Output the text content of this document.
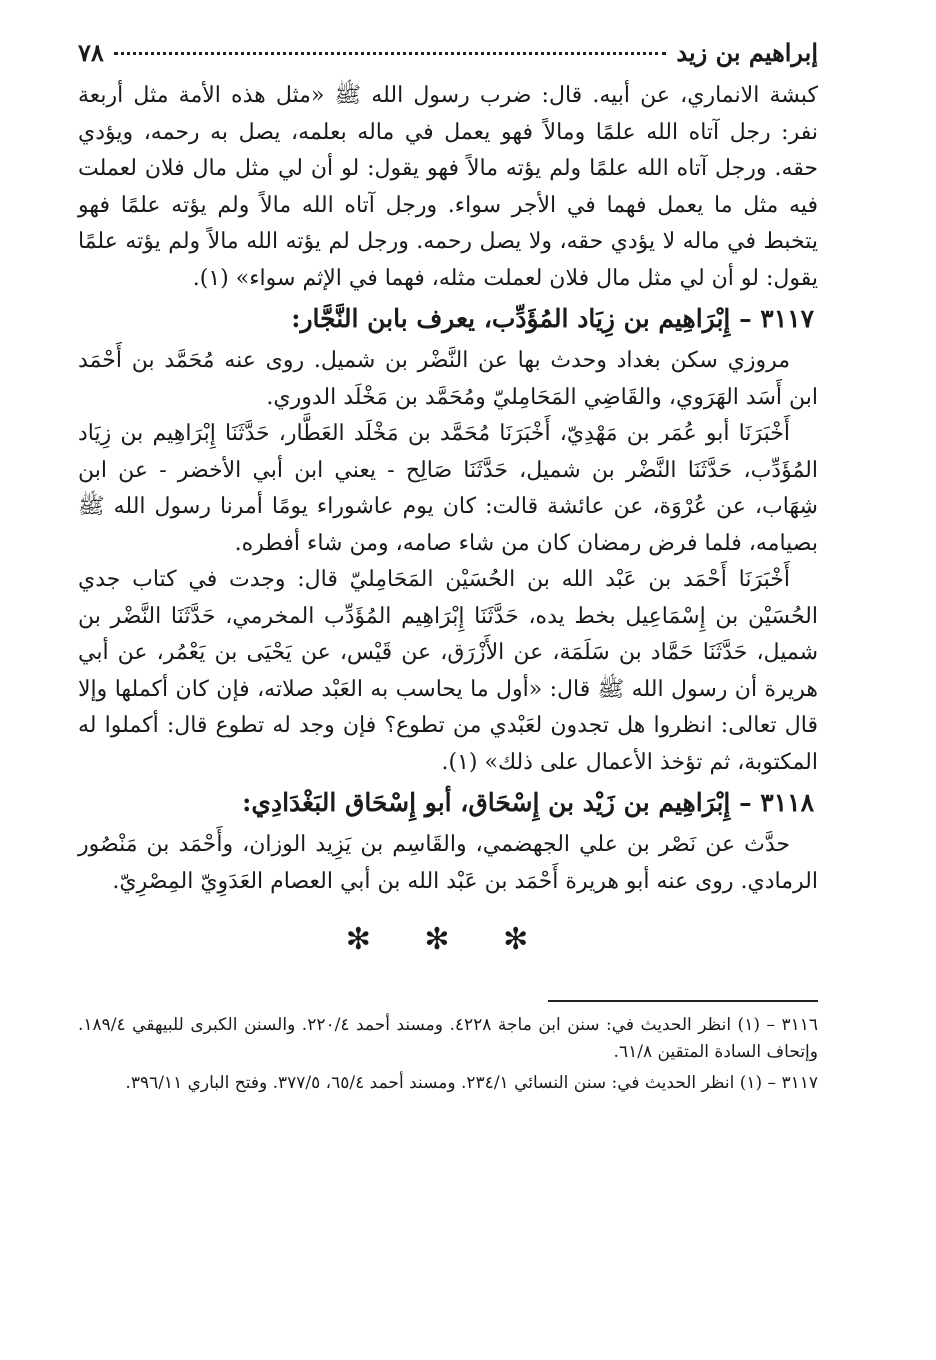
إبراهيم بن زيد
٧٨

كبشة الانماري، عن أبيه. قال: ضرب رسول الله ﷺ «مثل هذه الأمة مثل أربعة نفر: رجل آتاه الله علمًا ومالاً فهو يعمل في ماله بعلمه، يصل به رحمه، ويؤدي حقه. ورجل آتاه الله علمًا ولم يؤته مالاً فهو يقول: لو أن لي مثل مال فلان لعملت فيه مثل ما يعمل فهما في الأجر سواء. ورجل آتاه الله مالاً ولم يؤته علمًا فهو يتخبط في ماله لا يؤدي حقه، ولا يصل رحمه. ورجل لم يؤته الله مالاً ولم يؤته علمًا يقول: لو أن لي مثل مال فلان لعملت مثله، فهما في الإثم سواء» (١).

٣١١٧ – إِبْرَاهِيم بن زِيَاد المُؤَدِّب، يعرف بابن النَّجَّار:

مروزي سكن بغداد وحدث بها عن النَّضْر بن شميل. روى عنه مُحَمَّد بن أَحْمَد ابن أَسَد الهَرَوي، والقَاضِي المَحَامِليّ ومُحَمَّد بن مَخْلَد الدوري.

أَخْبَرَنَا أبو عُمَر بن مَهْدِيّ، أَخْبَرَنَا مُحَمَّد بن مَخْلَد العَطَّار، حَدَّثَنَا إِبْرَاهِيم بن زِيَاد المُؤَدِّب، حَدَّثَنَا النَّضْر بن شميل، حَدَّثَنَا صَالِح - يعني ابن أبي الأخضر - عن ابن شِهَاب، عن عُرْوَة، عن عائشة قالت: كان يوم عاشوراء يومًا أمرنا رسول الله ﷺ بصيامه، فلما فرض رمضان كان من شاء صامه، ومن شاء أفطره.

أَخْبَرَنَا أَحْمَد بن عَبْد الله بن الحُسَيْن المَحَامِليّ قال: وجدت في كتاب جدي الحُسَيْن بن إِسْمَاعِيل بخط يده، حَدَّثَنَا إِبْرَاهِيم المُؤَدِّب المخرمي، حَدَّثَنَا النَّضْر بن شميل، حَدَّثَنَا حَمَّاد بن سَلَمَة، عن الأَزْرَق، عن قَيْس، عن يَحْيَى بن يَعْمُر، عن أبي هريرة أن رسول الله ﷺ قال: «أول ما يحاسب به العَبْد صلاته، فإن كان أكملها وإلا قال تعالى: انظروا هل تجدون لعَبْدي من تطوع؟ فإن وجد له تطوع قال: أكملوا له المكتوبة، ثم تؤخذ الأعمال على ذلك» (١).

٣١١٨ – إِبْرَاهِيم بن زَيْد بن إِسْحَاق، أبو إِسْحَاق البَغْدَادِي:

حدَّث عن نَصْر بن علي الجهضمي، والقَاسِم بن يَزِيد الوزان، وأَحْمَد بن مَنْصُور الرمادي. روى عنه أبو هريرة أَحْمَد بن عَبْد الله بن أبي العصام العَدَوِيّ المِصْرِيّ.

✻ ✻ ✻

٣١١٦ – (١) انظر الحديث في: سنن ابن ماجة ٤٢٢٨. ومسند أحمد ٢٢٠/٤. والسنن الكبرى للبيهقي ١٨٩/٤. وإتحاف السادة المتقين ٦١/٨.

٣١١٧ – (١) انظر الحديث في: سنن النسائي ٢٣٤/١. ومسند أحمد ٦٥/٤، ٣٧٧/٥. وفتح الباري ٣٩٦/١١.
